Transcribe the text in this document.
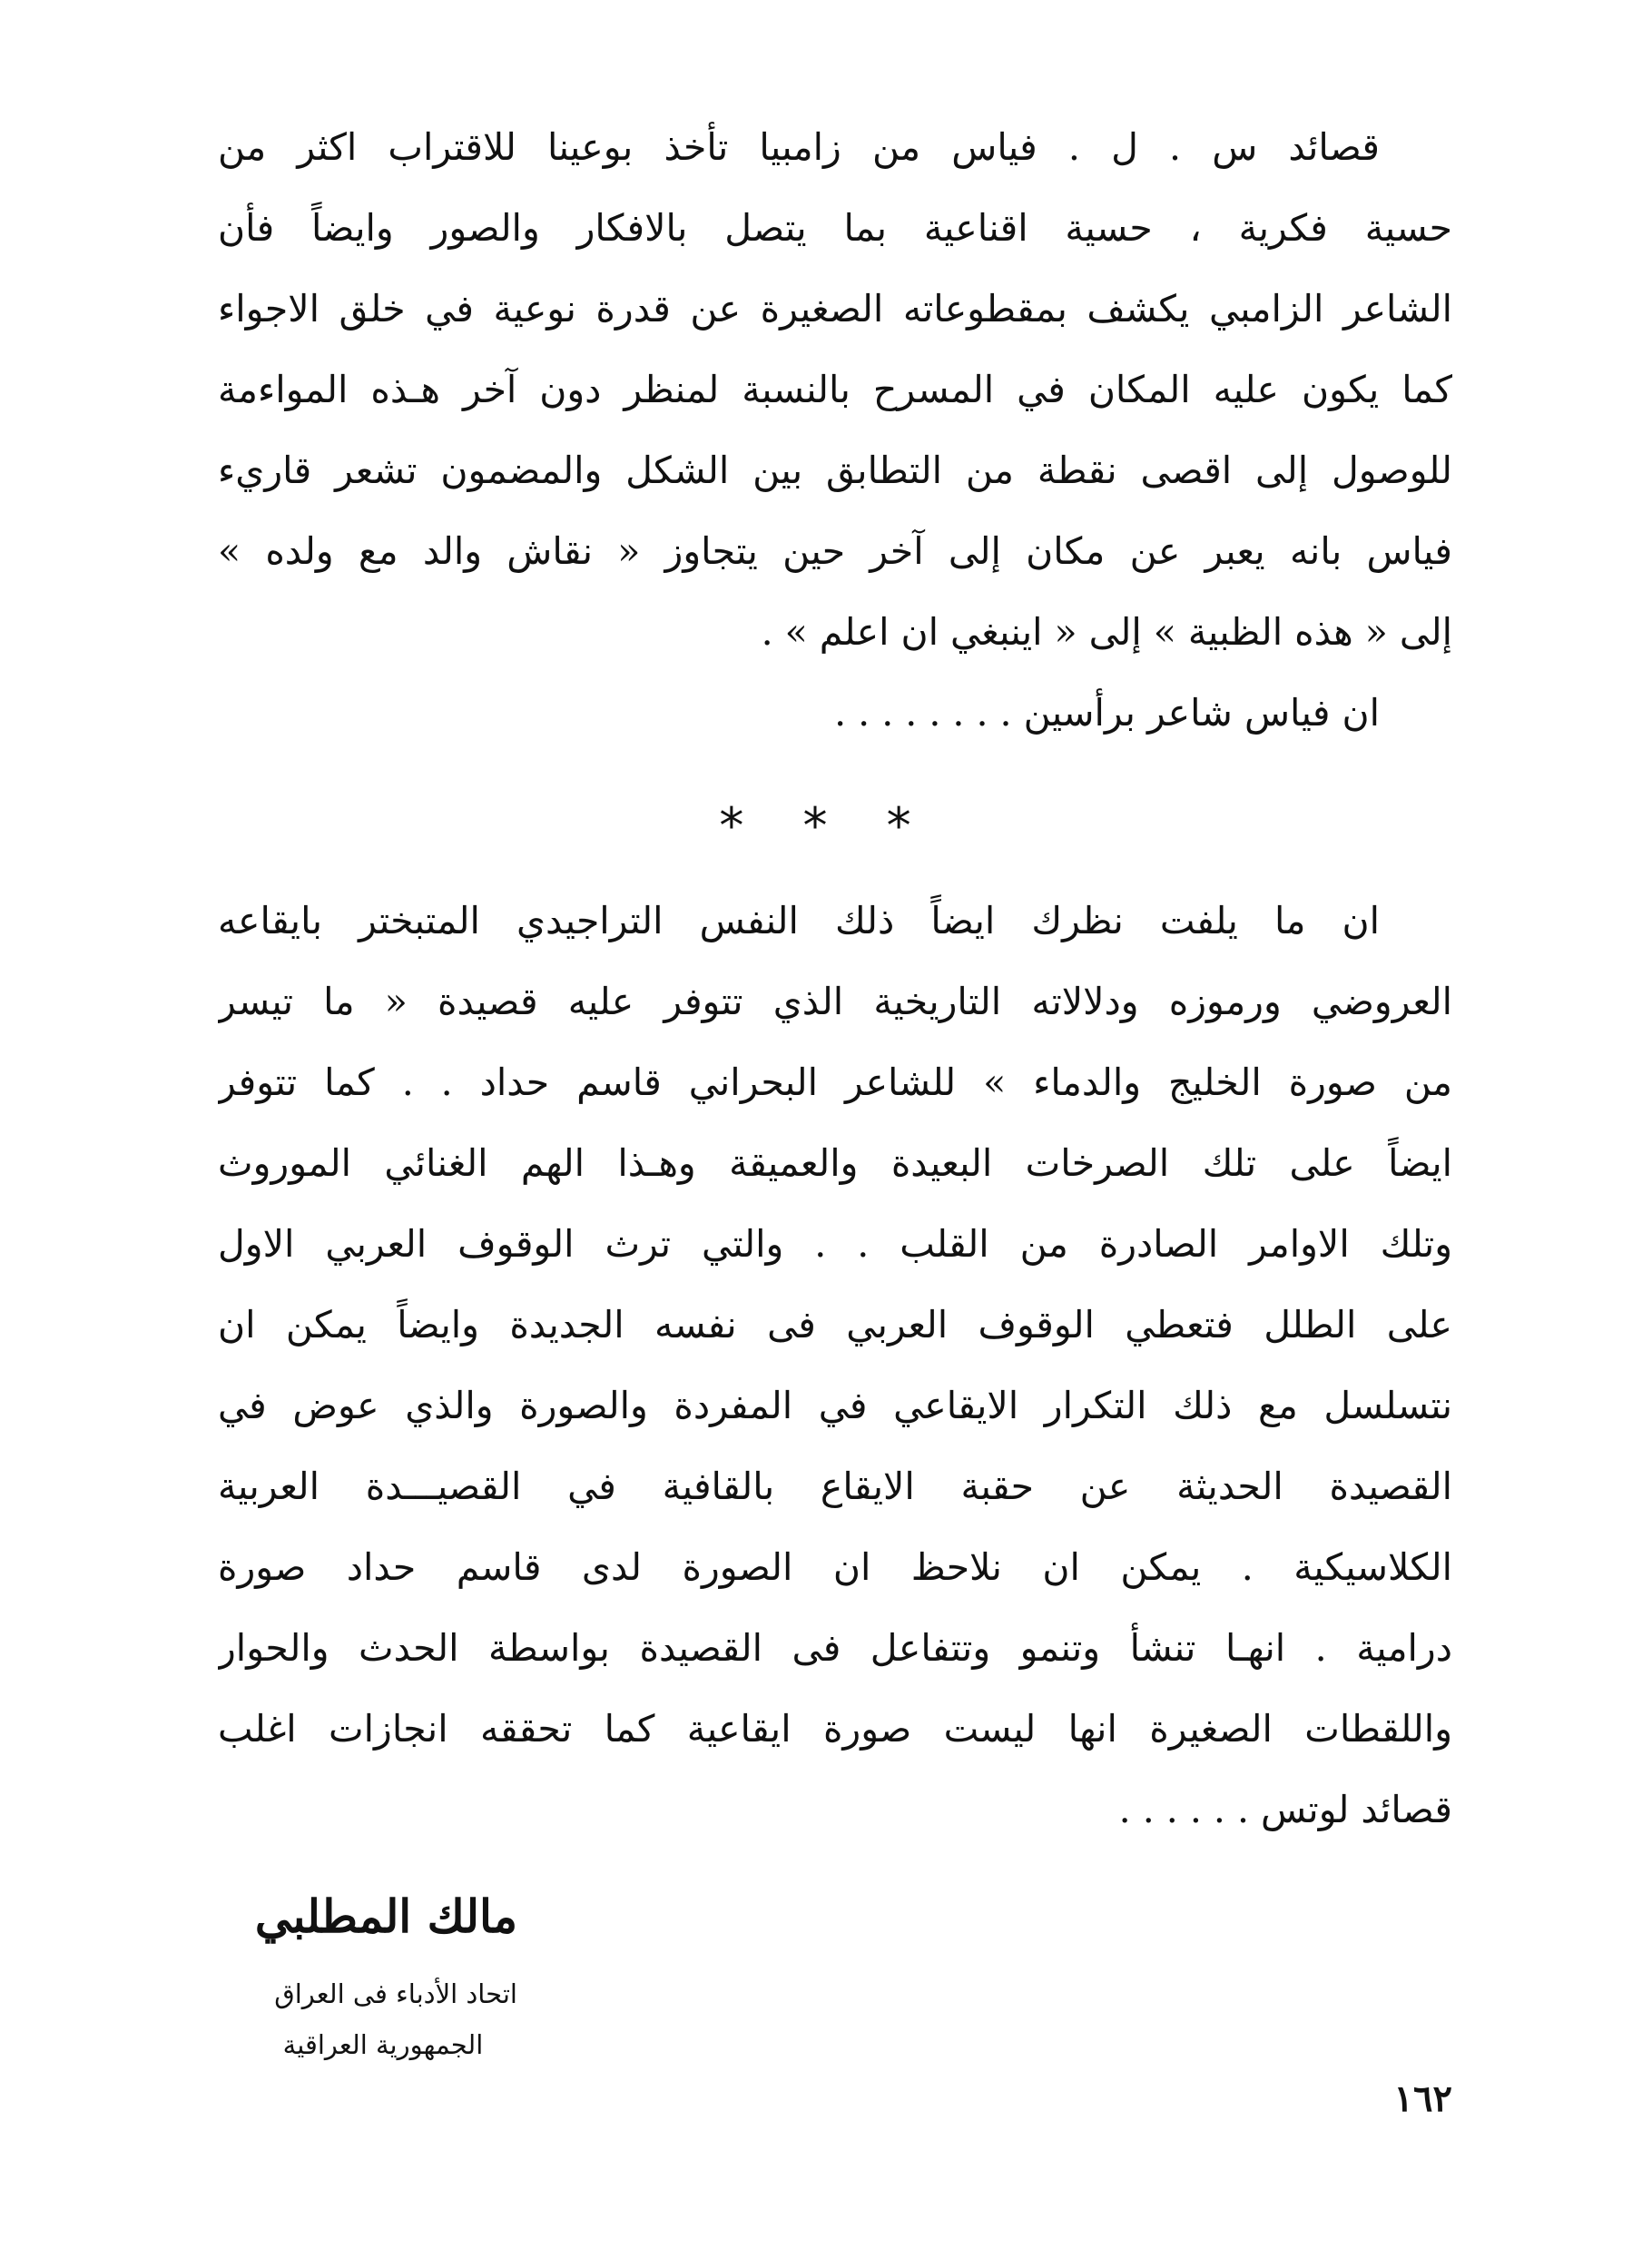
قصائد س . ل . فياس من زامبيا تأخذ بوعينا للاقتراب اكثر من
حسية فكرية ، حسية اقناعية بما يتصل بالافكار والصور وايضاً فأن
الشاعر الزامبي يكشف بمقطوعاته الصغيرة عن قدرة نوعية في خلق الاجواء
كما يكون عليه المكان في المسرح بالنسبة لمنظر دون آخر هـذه المواءمة
للوصول إلى اقصى نقطة من التطابق بين الشكل والمضمون تشعر قاريء
فياس بانه يعبر عن مكان إلى آخر حين يتجاوز « نقاش والد مع ولده »
إلى « هذه الظبية » إلى « اينبغي ان اعلم » .
ان فياس شاعر برأسين . . . . . . . .
* * *
ان ما يلفت نظرك ايضاً ذلك النفس التراجيدي المتبختر بايقاعه
العروضي ورموزه ودلالاته التاريخية الذي تتوفر عليه قصيدة « ما تيسر
من صورة الخليج والدماء » للشاعر البحراني قاسم حداد . . كما تتوفر
ايضاً على تلك الصرخات البعيدة والعميقة وهـذا الهم الغنائي الموروث
وتلك الاوامر الصادرة من القلب . . والتي ترث الوقوف العربي الاول
على الطلل فتعطي الوقوف العربي فى نفسه الجديدة وايضاً يمكن ان
نتسلسل مع ذلك التكرار الايقاعي في المفردة والصورة والذي عوض في
القصيدة الحديثة عن حقبة الايقاع بالقافية في القصيـــدة العربية
الكلاسيكية . يمكن ان نلاحظ ان الصورة لدى قاسم حداد صورة
درامية . انهـا تنشأ وتنمو وتتفاعل فى القصيدة بواسطة الحدث والحوار
واللقطات الصغيرة انها ليست صورة ايقاعية كما تحققه انجازات اغلب
قصائد لوتس . . . . . .
مالك المطلبي
اتحاد الأدباء فى العراق
الجمهورية العراقية
١٦٢
